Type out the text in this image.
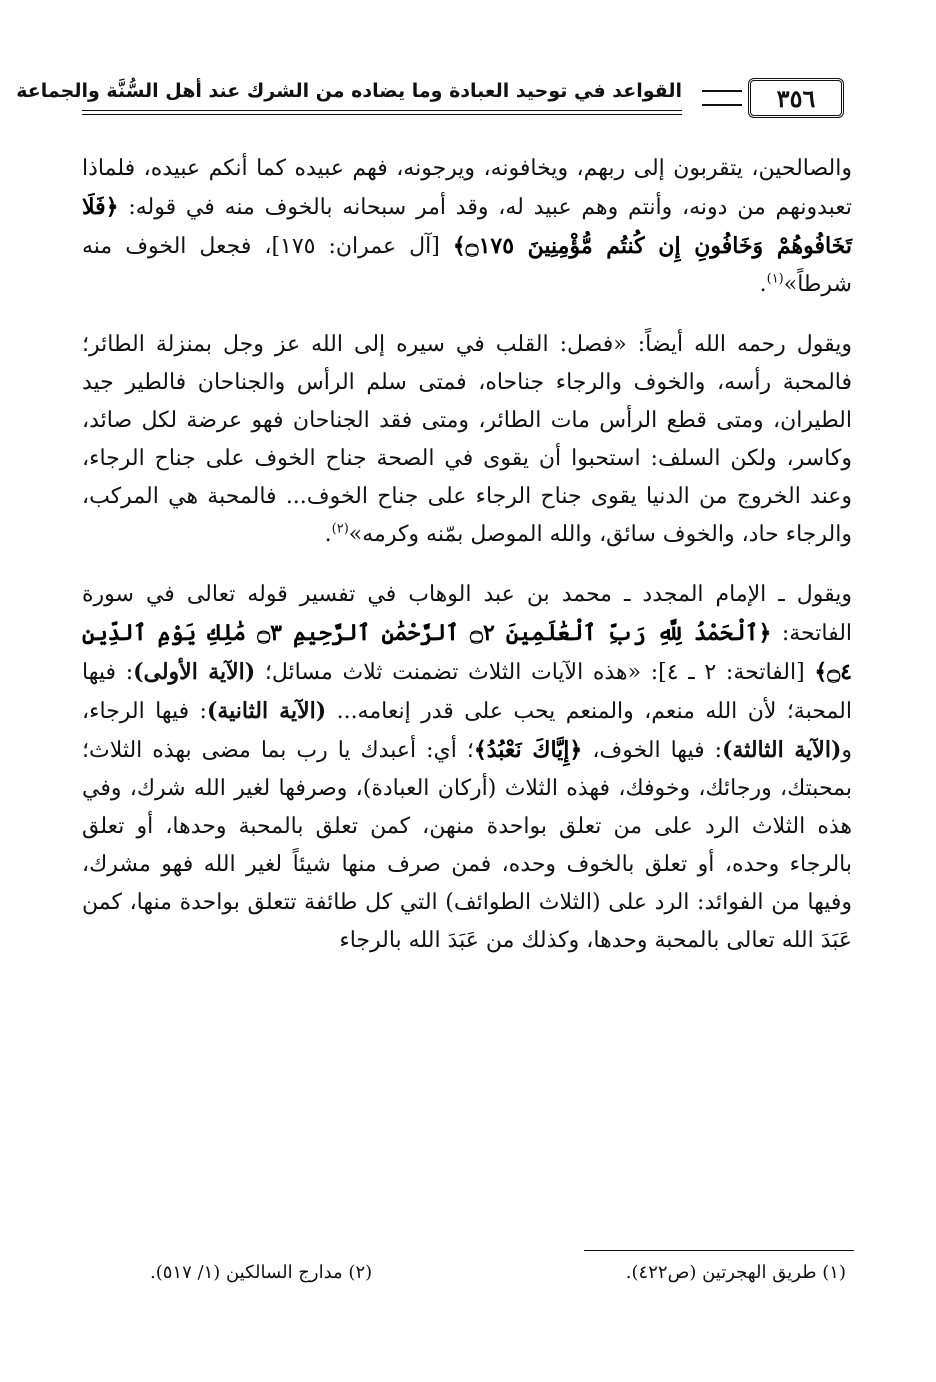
٣٥٦
القواعد في توحيد العبادة وما يضاده من الشرك عند أهل السُّنَّة والجماعة

والصالحين، يتقربون إلى ربهم، ويخافونه، ويرجونه، فهم عبيده كما أنكم عبيده، فلماذا تعبدونهم من دونه، وأنتم وهم عبيد له، وقد أمر سبحانه بالخوف منه في قوله: ﴿فَلَا تَخَافُوهُمْ وَخَافُونِ إِن كُنتُم مُّؤْمِنِينَ ۝١٧٥﴾ [آل عمران: ١٧٥]، فجعل الخوف منه شرطاً»$^{(١)}$.

ويقول رحمه الله أيضاً: «فصل: القلب في سيره إلى الله عز وجل بمنزلة الطائر؛ فالمحبة رأسه، والخوف والرجاء جناحاه، فمتى سلم الرأس والجناحان فالطير جيد الطيران، ومتى قطع الرأس مات الطائر، ومتى فقد الجناحان فهو عرضة لكل صائد، وكاسر، ولكن السلف: استحبوا أن يقوى في الصحة جناح الخوف على جناح الرجاء، وعند الخروج من الدنيا يقوى جناح الرجاء على جناح الخوف... فالمحبة هي المركب، والرجاء حاد، والخوف سائق، والله الموصل بمّنه وكرمه»$^{(٢)}$.

ويقول ـ الإمام المجدد ـ محمد بن عبد الوهاب في تفسير قوله تعالى في سورة الفاتحة: ﴿ٱلْحَمْدُ لِلَّهِ رَبِّ ٱلْعَٰلَمِينَ ۝٢ ٱلرَّحْمَٰنِ ٱلرَّحِيمِ ۝٣ مَٰلِكِ يَوْمِ ٱلدِّينِ ۝٤﴾ [الفاتحة: ٢ ـ ٤]: «هذه الآيات الثلاث تضمنت ثلاث مسائل؛ (الآية الأولى): فيها المحبة؛ لأن الله منعم، والمنعم يحب على قدر إنعامه... (الآية الثانية): فيها الرجاء، و(الآية الثالثة): فيها الخوف، ﴿إِيَّاكَ نَعْبُدُ﴾؛ أي: أعبدك يا رب بما مضى بهذه الثلاث؛ بمحبتك، ورجائك، وخوفك، فهذه الثلاث (أركان العبادة)، وصرفها لغير الله شرك، وفي هذه الثلاث الرد على من تعلق بواحدة منهن، كمن تعلق بالمحبة وحدها، أو تعلق بالرجاء وحده، أو تعلق بالخوف وحده، فمن صرف منها شيئاً لغير الله فهو مشرك، وفيها من الفوائد: الرد على (الثلاث الطوائف) التي كل طائفة تتعلق بواحدة منها، كمن عَبَدَ الله تعالى بالمحبة وحدها، وكذلك من عَبَدَ الله بالرجاء

(١) طريق الهجرتين (ص٤٢٢).
(٢) مدارج السالكين (١/ ٥١٧).
